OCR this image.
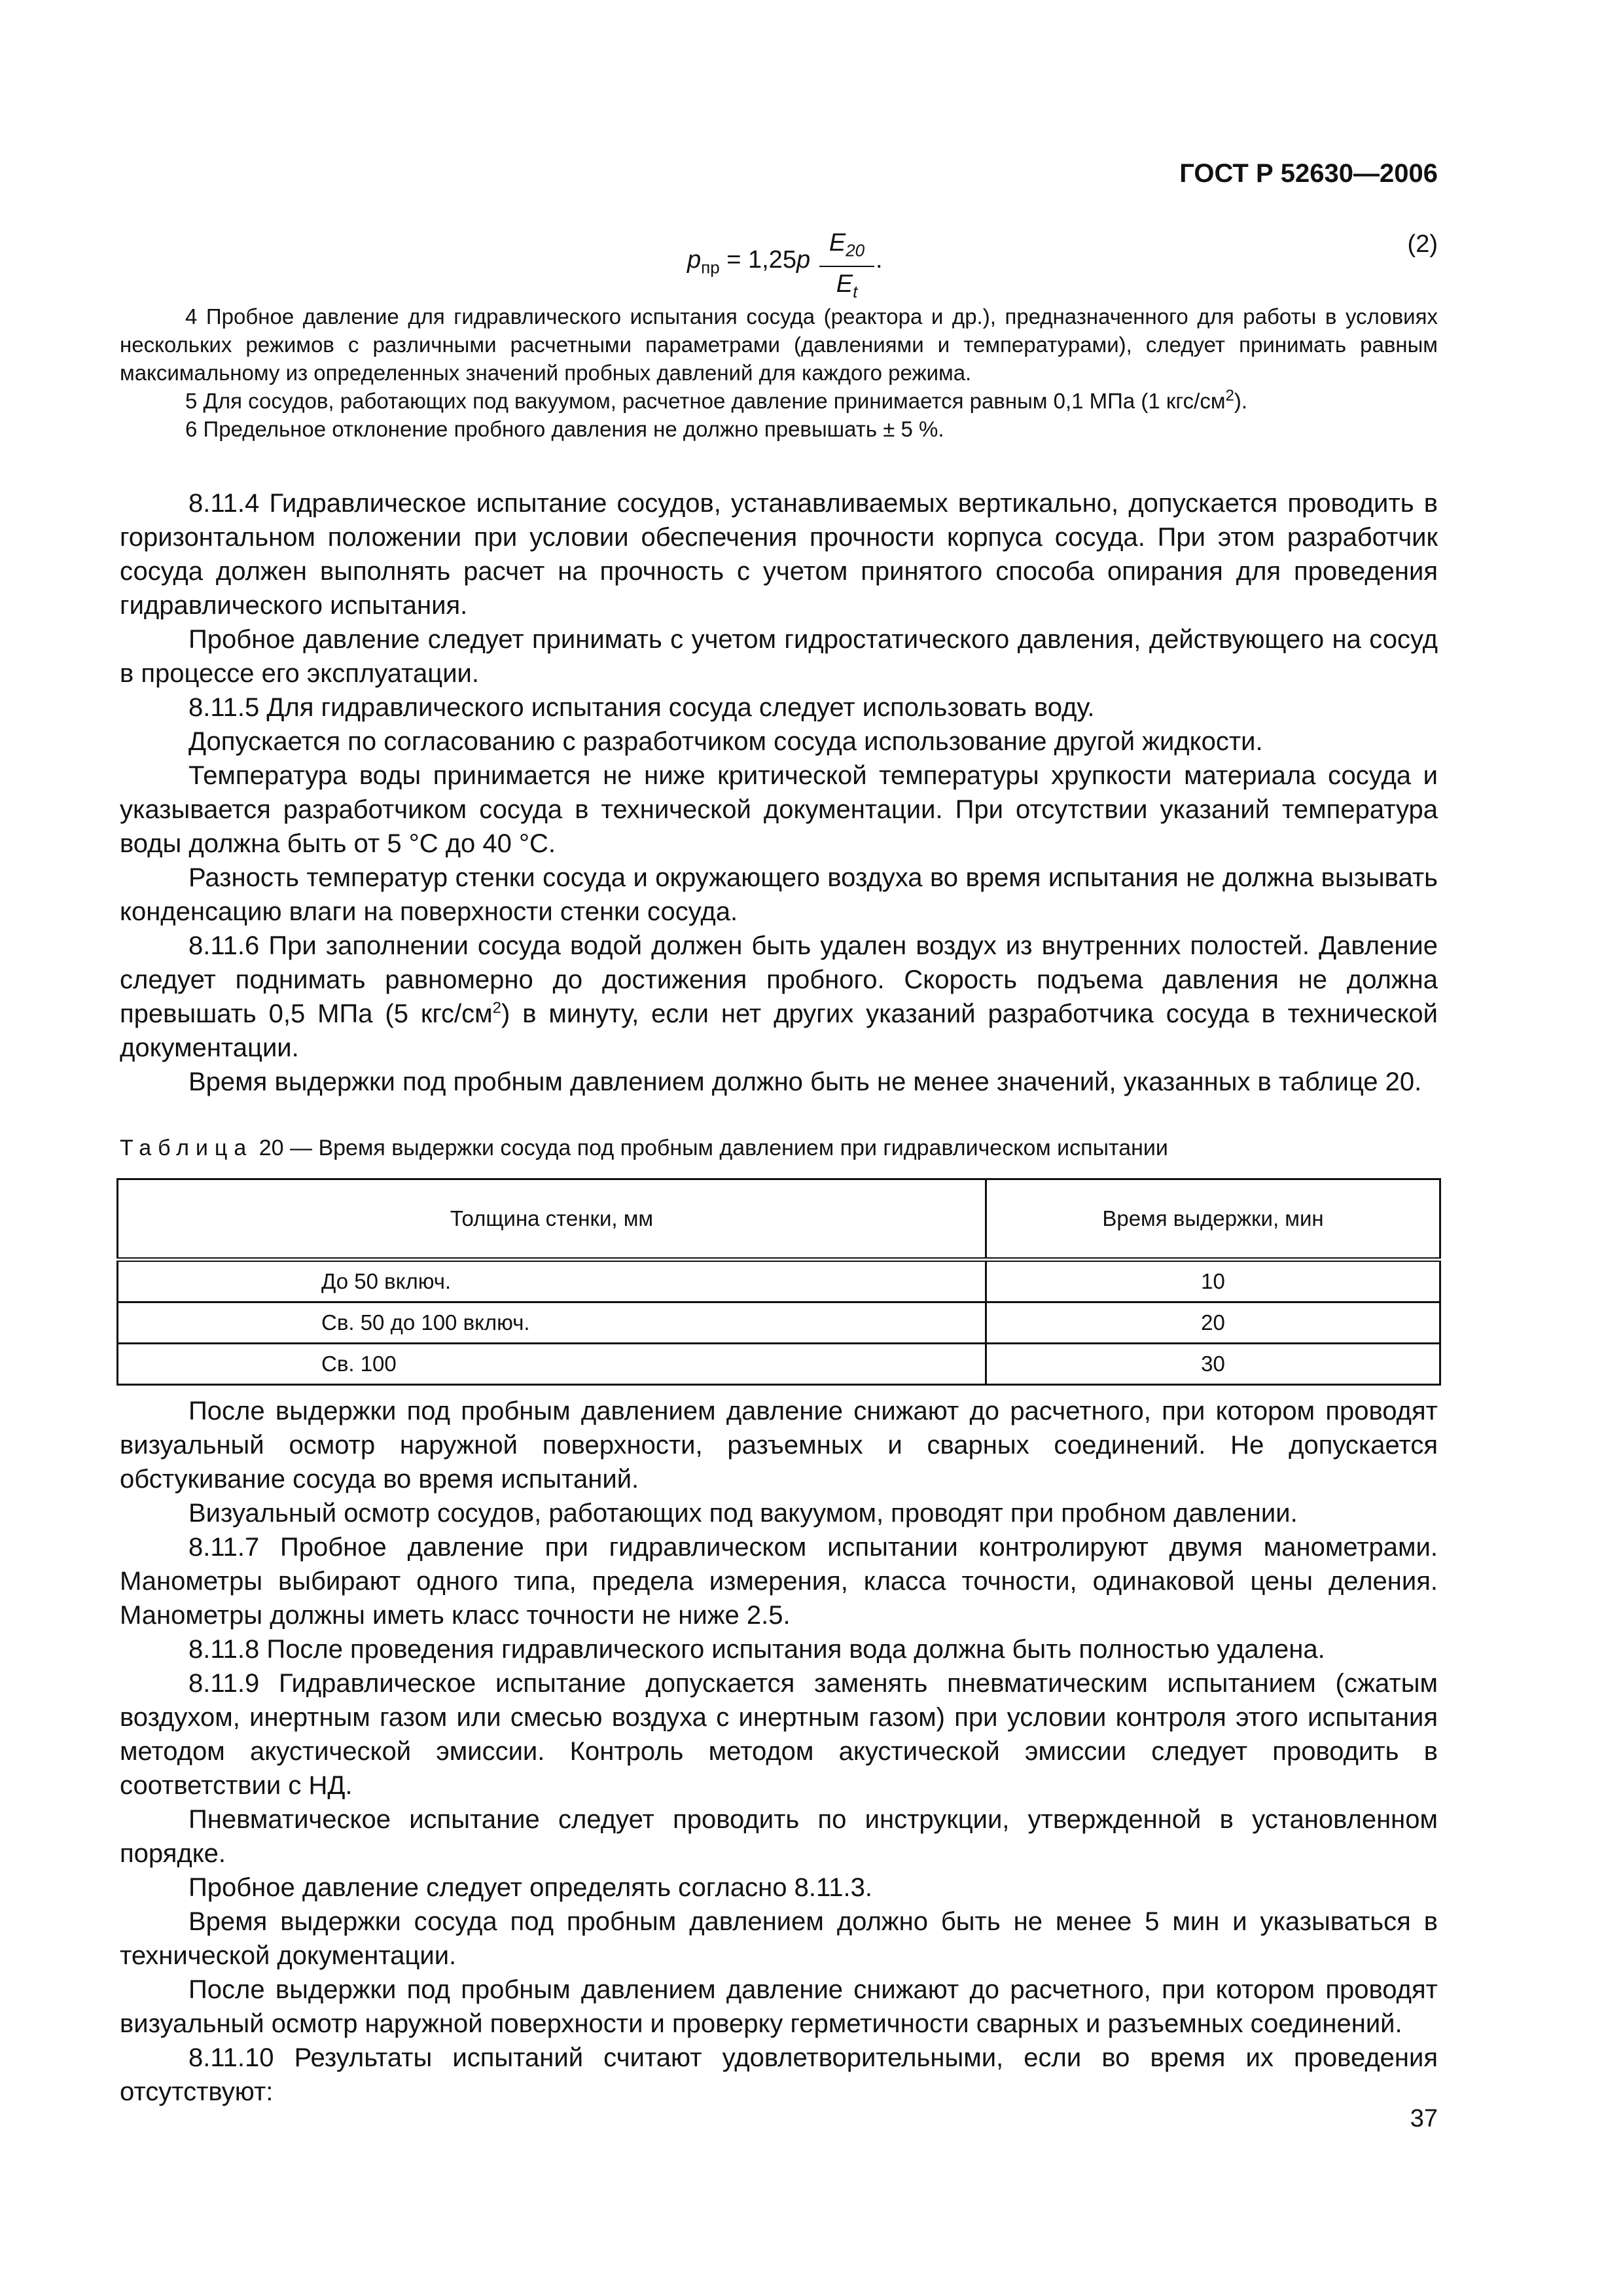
ГОСТ Р 52630—2006
$p_{пр} = 1,25p \frac{E_{20}}{E_t}$ .
(2)

4 Пробное давление для гидравлического испытания сосуда (реактора и др.), предназначенного для работы в условиях нескольких режимов с различными расчетными параметрами (давлениями и температурами), следует принимать равным максимальному из определенных значений пробных давлений для каждого режима.

5 Для сосудов, работающих под вакуумом, расчетное давление принимается равным 0,1 МПа (1 кгс/$см^2$).

6 Предельное отклонение пробного давления не должно превышать ± 5 %.

8.11.4 Гидравлическое испытание сосудов, устанавливаемых вертикально, допускается проводить в горизонтальном положении при условии обеспечения прочности корпуса сосуда. При этом разработчик сосуда должен выполнять расчет на прочность с учетом принятого способа опирания для проведения гидравлического испытания.

Пробное давление следует принимать с учетом гидростатического давления, действующего на сосуд в процессе его эксплуатации.

8.11.5 Для гидравлического испытания сосуда следует использовать воду.

Допускается по согласованию с разработчиком сосуда использование другой жидкости.

Температура воды принимается не ниже критической температуры хрупкости материала сосуда и указывается разработчиком сосуда в технической документации. При отсутствии указаний температура воды должна быть от 5 °С до 40 °С.

Разность температур стенки сосуда и окружающего воздуха во время испытания не должна вызывать конденсацию влаги на поверхности стенки сосуда.

8.11.6 При заполнении сосуда водой должен быть удален воздух из внутренних полостей. Давление следует поднимать равномерно до достижения пробного. Скорость подъема давления не должна превышать 0,5 МПа (5 кгс/$см^2$) в минуту, если нет других указаний разработчика сосуда в технической документации.

Время выдержки под пробным давлением должно быть не менее значений, указанных в таблице 20.

Таблица 20 — Время выдержки сосуда под пробным давлением при гидравлическом испытании
Толщина стенки, мм	Время выдержки, мин
До 50 включ.	10
Св. 50 до 100 включ.	20
Св. 100	30

После выдержки под пробным давлением давление снижают до расчетного, при котором проводят визуальный осмотр наружной поверхности, разъемных и сварных соединений. Не допускается обстукивание сосуда во время испытаний.

Визуальный осмотр сосудов, работающих под вакуумом, проводят при пробном давлении.

8.11.7 Пробное давление при гидравлическом испытании контролируют двумя манометрами. Манометры выбирают одного типа, предела измерения, класса точности, одинаковой цены деления. Манометры должны иметь класс точности не ниже 2.5.

8.11.8 После проведения гидравлического испытания вода должна быть полностью удалена.

8.11.9 Гидравлическое испытание допускается заменять пневматическим испытанием (сжатым воздухом, инертным газом или смесью воздуха с инертным газом) при условии контроля этого испытания методом акустической эмиссии. Контроль методом акустической эмиссии следует проводить в соответствии с НД.

Пневматическое испытание следует проводить по инструкции, утвержденной в установленном порядке.

Пробное давление следует определять согласно 8.11.3.

Время выдержки сосуда под пробным давлением должно быть не менее 5 мин и указываться в технической документации.

После выдержки под пробным давлением давление снижают до расчетного, при котором проводят визуальный осмотр наружной поверхности и проверку герметичности сварных и разъемных соединений.

8.11.10 Результаты испытаний считают удовлетворительными, если во время их проведения отсутствуют:

37
